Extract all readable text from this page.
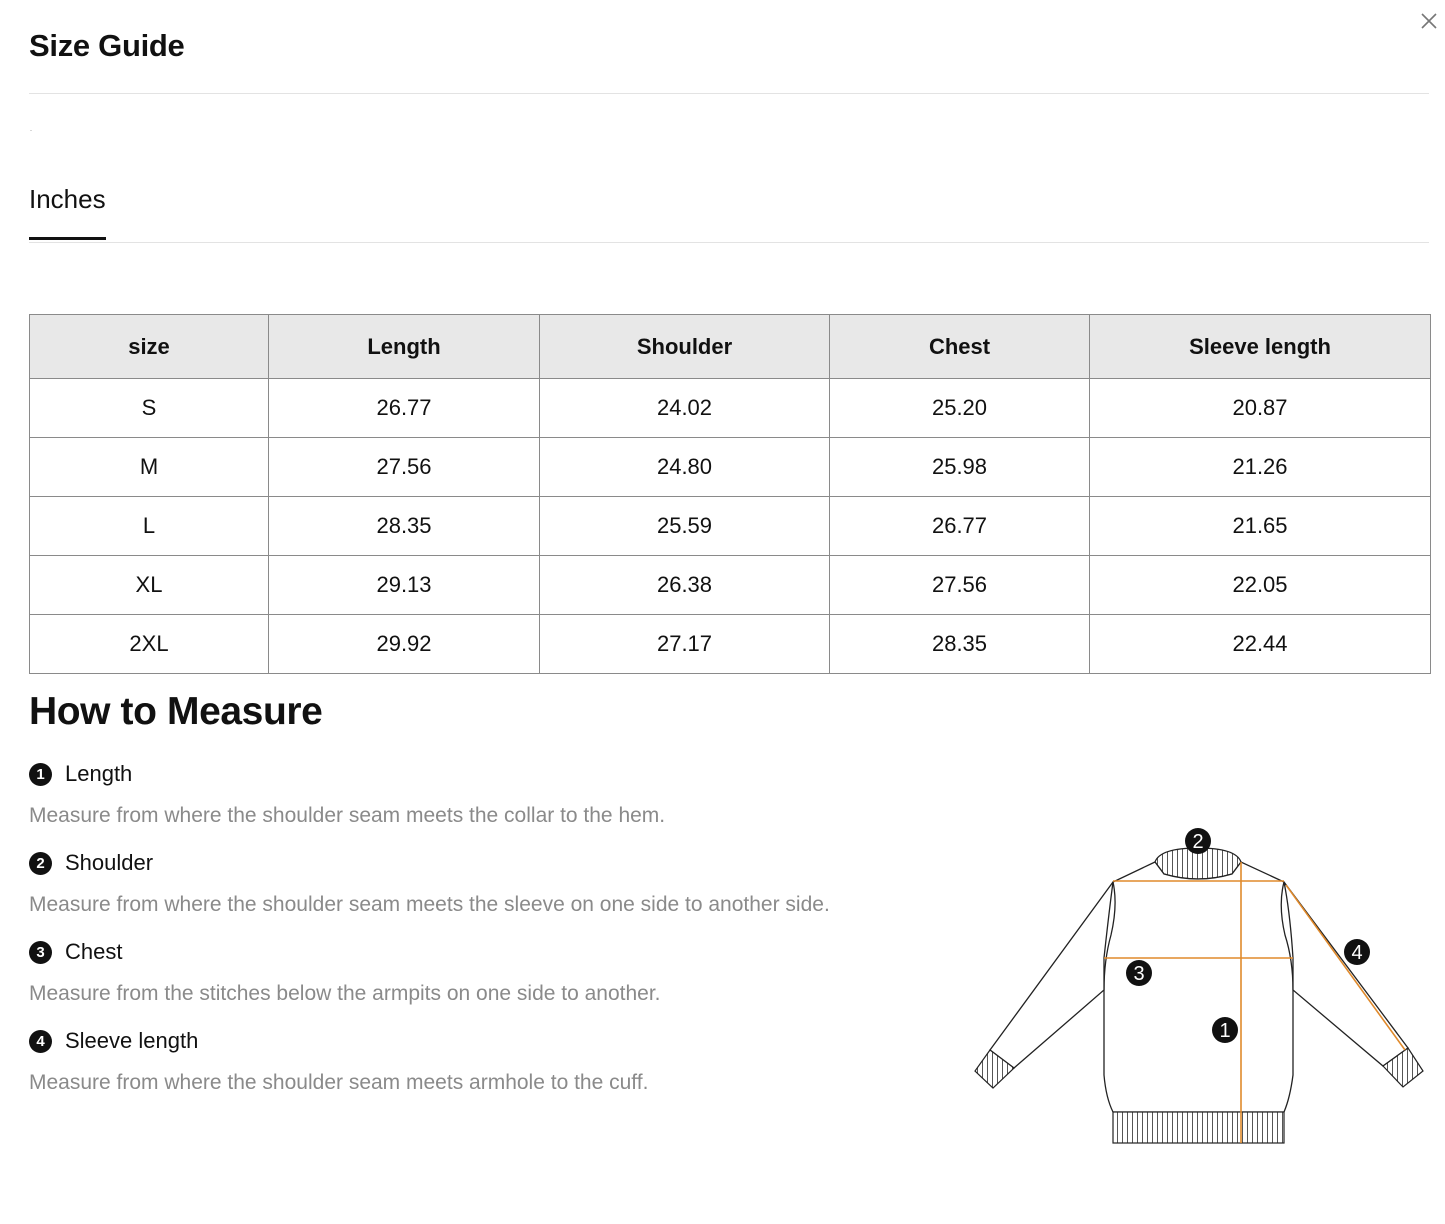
Size Guide
Inches
size	Length	Shoulder	Chest	Sleeve length
S	26.77	24.02	25.20	20.87
M	27.56	24.80	25.98	21.26
L	28.35	25.59	26.77	21.65
XL	29.13	26.38	27.56	22.05
2XL	29.92	27.17	28.35	22.44
How to Measure
1 Length
Measure from where the shoulder seam meets the collar to the hem.
2 Shoulder
Measure from where the shoulder seam meets the sleeve on one side to another side.
3 Chest
Measure from the stitches below the armpits on one side to another.
4 Sleeve length
Measure from where the shoulder seam meets armhole to the cuff.
2
3
1
4
